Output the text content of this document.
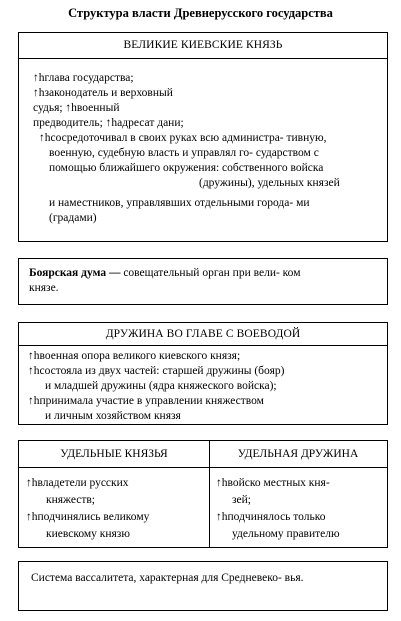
Структура власти Древнерусского государства
ВЕЛИКИЕ КИЕВСКИЕ КНЯЗЬ
↑hглава государства;
↑hзаконодатель и верховный
судья; ↑hвоенный
предводитель; ↑hадресат дани;
↑hсосредоточивал в своих руках всю администра- тивную,
военную, судебную власть и управлял го- сударством с
помощью ближайшего окружения: собственного войска
(дружины), удельных князей
и наместников, управлявших отдельными города- ми
(градами)
Боярская дума — совещательный орган при вели- ком
князе.
ДРУЖИНА ВО ГЛАВЕ С ВОЕВОДОЙ
↑hвоенная опора великого киевского князя;
↑hсостояла из двух частей: старшей дружины (бояр)
и младшей дружины (ядра княжеского войска);
↑hпринимала участие в управлении княжеством
и личным хозяйством князя
УДЕЛЬНЫЕ КНЯЗЬЯ	УДЕЛЬНАЯ ДРУЖИНА
↑hвладетели русских
княжеств;
↑hподчинялись великому
киевскому князю
↑hвойско местных кня-
зей;
↑hподчинялось только
удельному правителю
Система вассалитета, характерная для Средневеко- вья.
